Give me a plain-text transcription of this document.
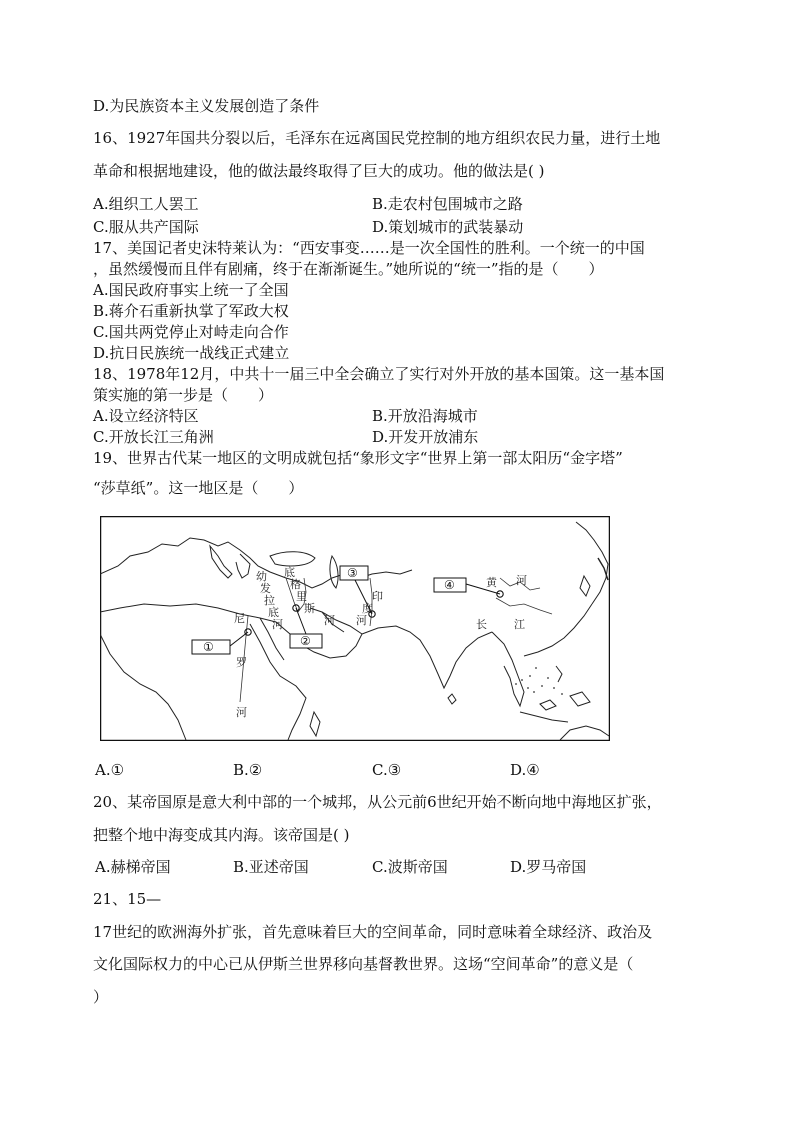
D.为民族资本主义发展创造了条件
16、1927年国共分裂以后，毛泽东在远离国民党控制的地方组织农民力量，进行土地
革命和根据地建设，他的做法最终取得了巨大的成功。他的做法是( )
A.组织工人罢工	B.走农村包围城市之路
C.服从共产国际	D.策划城市的武装暴动
17、美国记者史沫特莱认为：“西安事变……是一次全国性的胜利。一个统一的中国
，虽然缓慢而且伴有剧痛，终于在渐渐诞生。”她所说的“统一”指的是（　　）
A.国民政府事实上统一了全国
B.蒋介石重新执掌了军政大权
C.国共两党停止对峙走向合作
D.抗日民族统一战线正式建立
18、1978年12月，中共十一届三中全会确立了实行对外开放的基本国策。这一基本国
策实施的第一步是（　　）
A.设立经济特区	B.开放沿海城市
C.开放长江三角洲	D.开发开放浦东
19、世界古代某一地区的文明成就包括“象形文字“世界上第一部太阳历“金字塔”
“莎草纸”。这一地区是（　　）
尼
罗
河
幼
发
拉
底
河
底
格
里
斯
河
印
度
河
黄 河
长 江
①	②
③
④
A.①	B.②	C.③	D.④
20、某帝国原是意大利中部的一个城邦，从公元前6世纪开始不断向地中海地区扩张，
把整个地中海变成其内海。该帝国是( )
A.赫梯帝国	B.亚述帝国	C.波斯帝国	D.罗马帝国
21、15—
17世纪的欧洲海外扩张，首先意味着巨大的空间革命，同时意味着全球经济、政治及
文化国际权力的中心已从伊斯兰世界移向基督教世界。这场“空间革命”的意义是（
）
